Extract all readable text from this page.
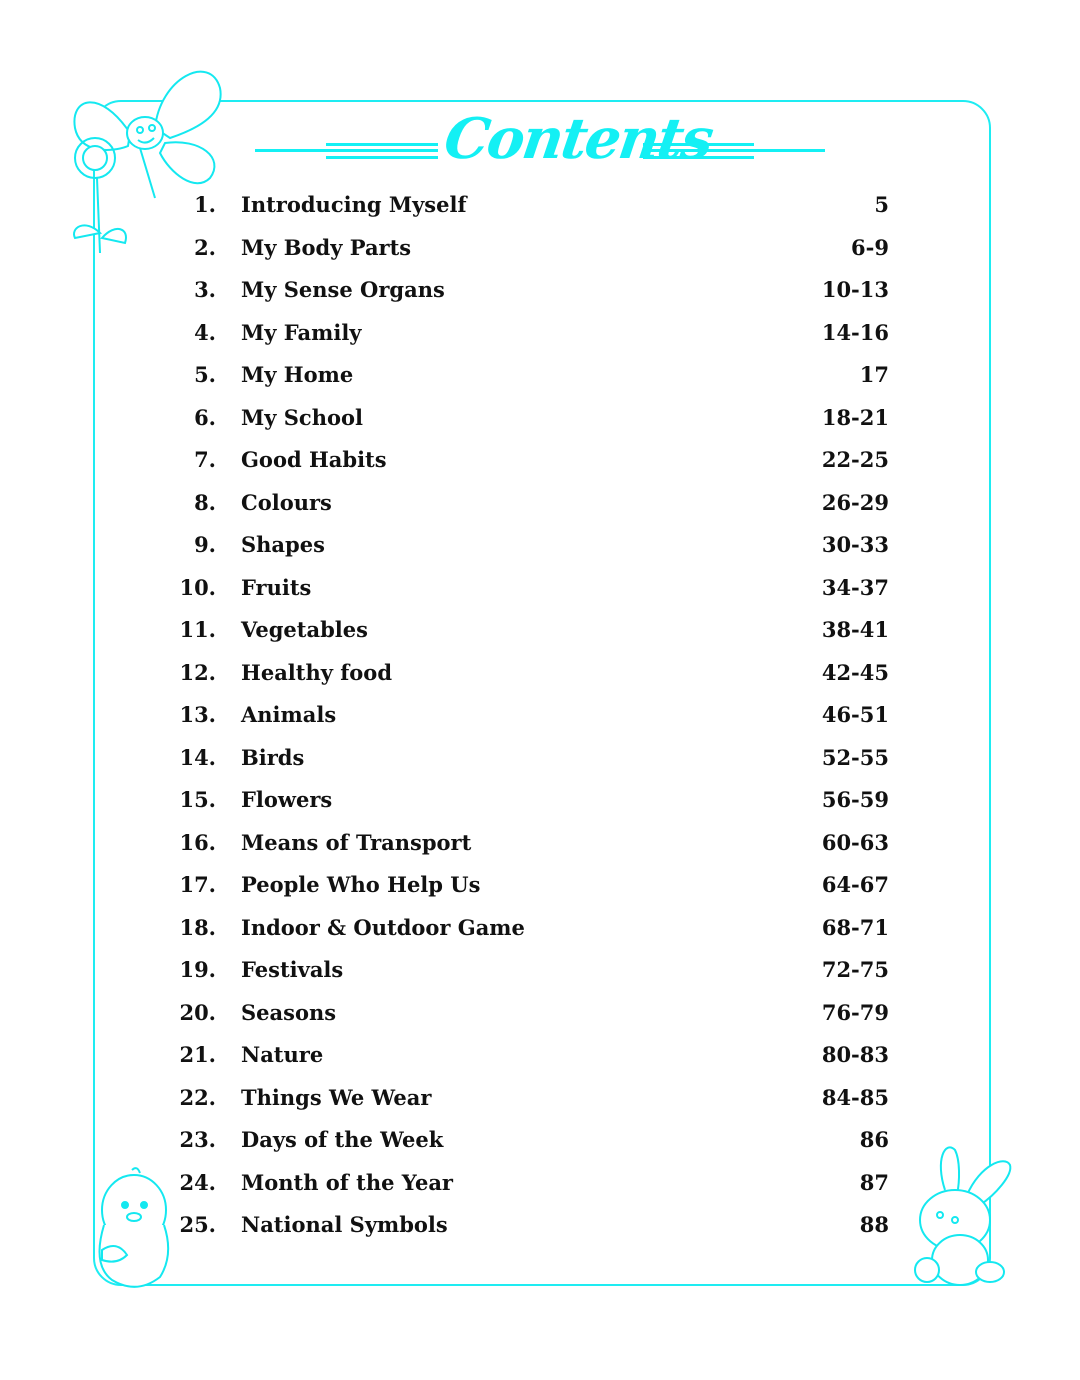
Contents
1. Introducing Myself	5
2. My Body Parts	6-9
3. My Sense Organs	10-13
4. My Family	14-16
5. My Home	17
6. My School	18-21
7. Good Habits	22-25
8. Colours	26-29
9. Shapes	30-33
10. Fruits	34-37
11. Vegetables	38-41
12. Healthy food	42-45
13. Animals	46-51
14. Birds	52-55
15. Flowers	56-59
16. Means of Transport	60-63
17. People Who Help Us	64-67
18. Indoor & Outdoor Game	68-71
19. Festivals	72-75
20. Seasons	76-79
21. Nature	80-83
22. Things We Wear	84-85
23. Days of the Week	86
24. Month of the Year	87
25. National Symbols	88
